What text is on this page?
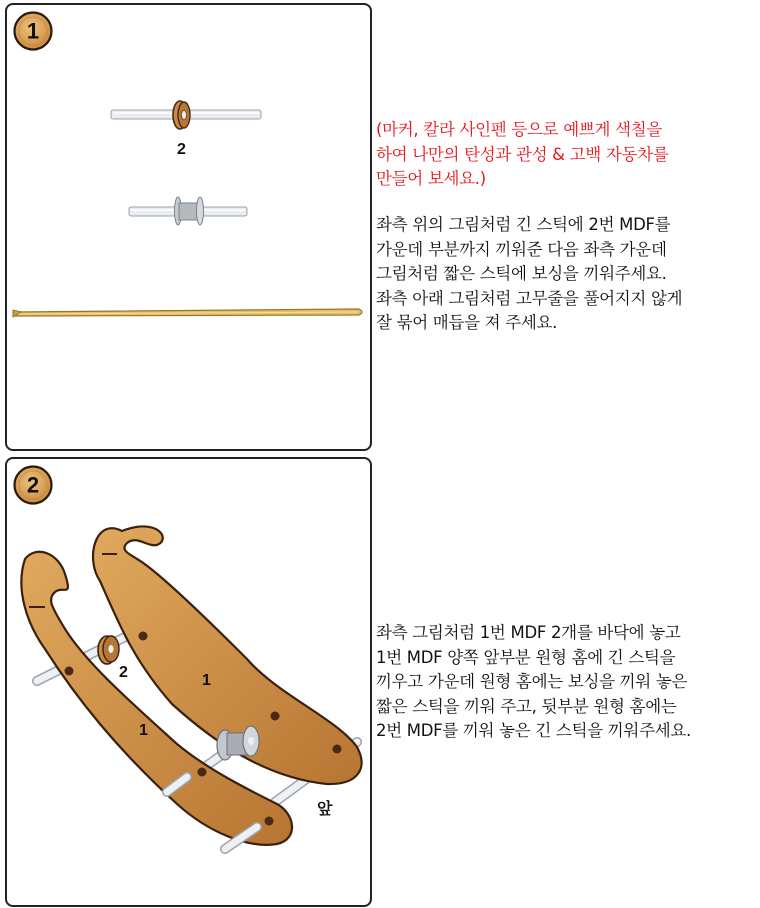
1
2
(마커, 칼라 사인펜 등으로 예쁘게 색칠을
하여 나만의 탄성과 관성 & 고백 자동차를
만들어 보세요.)
좌측 위의 그림처럼 긴 스틱에 2번 MDF를
가운데 부분까지 끼워준 다음 좌측 가운데
그림처럼 짧은 스틱에 보싱을 끼워주세요.
좌측 아래 그림처럼 고무줄을 풀어지지 않게
잘 묶어 매듭을 져 주세요.
2
2	1
1
앞
좌측 그림처럼 1번 MDF 2개를 바닥에 놓고
1번 MDF 양쪽 앞부분 원형 홈에 긴 스틱을
끼우고 가운데 원형 홈에는 보싱을 끼워 놓은
짧은 스틱을 끼워 주고, 뒷부분 원형 홈에는
2번 MDF를 끼워 놓은 긴 스틱을 끼워주세요.
